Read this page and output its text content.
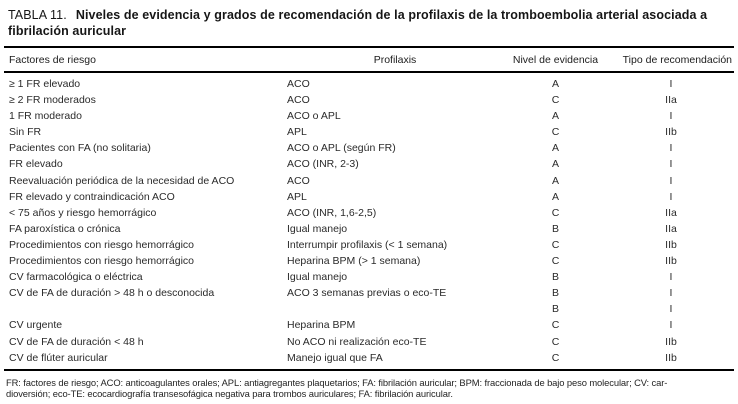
TABLA 11. Niveles de evidencia y grados de recomendación de la profilaxis de la tromboembolia arterial asociada a fibrilación auricular
Factores de riesgo	Profilaxis	Nivel de evidencia	Tipo de recomendación
≥ 1 FR elevado	ACO	A	I
≥ 2 FR moderados	ACO	C	IIa
1 FR moderado	ACO o APL	A	I
Sin FR	APL	C	IIb
Pacientes con FA (no solitaria)	ACO o APL (según FR)	A	I
FR elevado	ACO (INR, 2-3)	A	I
Reevaluación periódica de la necesidad de ACO	ACO	A	I
FR elevado y contraindicación ACO	APL	A	I
< 75 años y riesgo hemorrágico	ACO (INR, 1,6-2,5)	C	IIa
FA paroxística o crónica	Igual manejo	B	IIa
Procedimientos con riesgo hemorrágico	Interrumpir profilaxis (< 1 semana)	C	IIb
Procedimientos con riesgo hemorrágico	Heparina BPM (> 1 semana)	C	IIb
CV farmacológica o eléctrica	Igual manejo	B	I
CV de FA de duración > 48 h o desconocida	ACO 3 semanas previas o eco-TE	B	I
		B	I
CV urgente	Heparina BPM	C	I
CV de FA de duración < 48 h	No ACO ni realización eco-TE	C	IIb
CV de flúter auricular	Manejo igual que FA	C	IIb
FR: factores de riesgo; ACO: anticoagulantes orales; APL: antiagregantes plaquetarios; FA: fibrilación auricular; BPM: fraccionada de bajo peso molecular; CV: car-
dioversión; eco-TE: ecocardiografía transesofágica negativa para trombos auriculares; FA: fibrilación auricular.
